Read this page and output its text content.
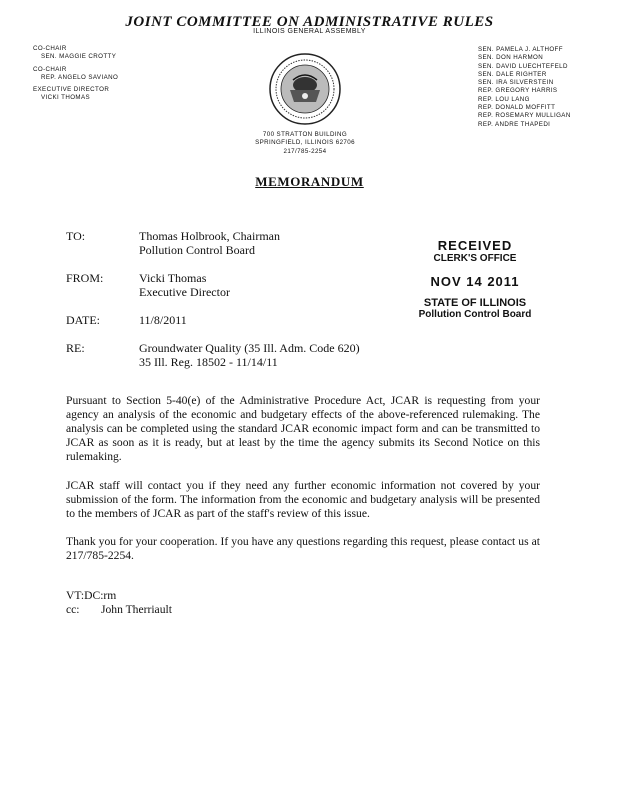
JOINT COMMITTEE ON ADMINISTRATIVE RULES
ILLINOIS GENERAL ASSEMBLY
CO-CHAIR
SEN. MAGGIE CROTTY
CO-CHAIR
REP. ANGELO SAVIANO
EXECUTIVE DIRECTOR
VICKI THOMAS
SEN. PAMELA J. ALTHOFF
SEN. DON HARMON
SEN. DAVID LUECHTEFELD
SEN. DALE RIGHTER
SEN. IRA SILVERSTEIN
REP. GREGORY HARRIS
REP. LOU LANG
REP. DONALD MOFFITT
REP. ROSEMARY MULLIGAN
REP. ANDRE THAPEDI
700 STRATTON BUILDING
SPRINGFIELD, ILLINOIS 62706
217/785-2254
MEMORANDUM
TO:	Thomas Holbrook, Chairman
Pollution Control Board
FROM:	Vicki Thomas
Executive Director
DATE:	11/8/2011
RE:	Groundwater Quality (35 Ill. Adm. Code 620)
35 Ill. Reg. 18502 - 11/14/11
RECEIVED
CLERK'S OFFICE
NOV 14 2011
STATE OF ILLINOIS
Pollution Control Board
Pursuant to Section 5-40(e) of the Administrative Procedure Act, JCAR is requesting from your agency an analysis of the economic and budgetary effects of the above-referenced rulemaking. The analysis can be completed using the standard JCAR economic impact form and can be transmitted to JCAR as soon as it is ready, but at least by the time the agency submits its Second Notice on this rulemaking.
JCAR staff will contact you if they need any further economic information not covered by your submission of the form. The information from the economic and budgetary analysis will be presented to the members of JCAR as part of the staff's review of this issue.
Thank you for your cooperation. If you have any questions regarding this request, please contact us at 217/785-2254.
VT:DC:rm
cc: John Therriault
